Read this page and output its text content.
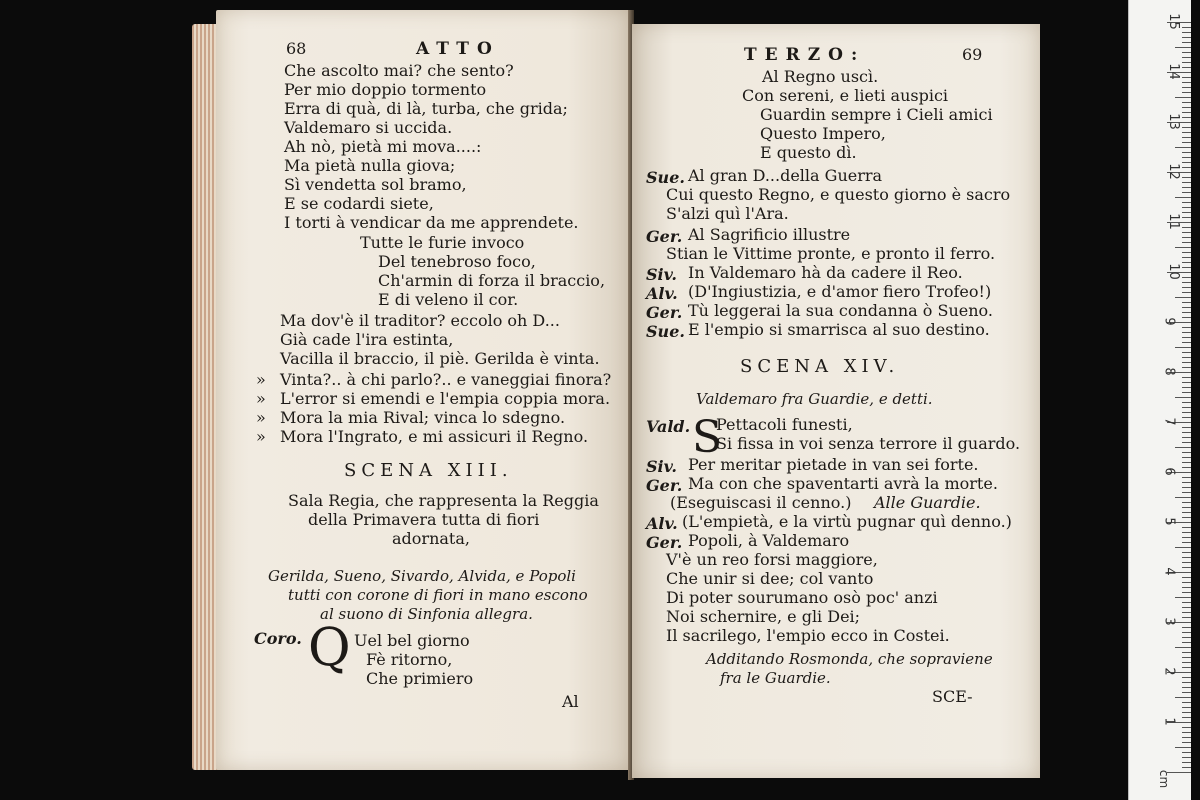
68	ATTO
Che ascolto mai? che sento?
Per mio doppio tormento
Erra di quà, di là, turba, che grida;
Valdemaro si uccida.
Ah nò, pietà mi mova....:
Ma pietà nulla giova;
Sì vendetta sol bramo,
E se codardi siete,
I torti à vendicar da me apprendete.
Tutte le furie invoco
Del tenebroso foco,
Ch'armin di forza il braccio,
E di veleno il cor.
Ma dov'è il traditor? eccolo oh D...
Già cade l'ira estinta,
Vacilla il braccio, il piè. Gerilda è vinta.
» Vinta?.. à chi parlo?.. e vaneggiai finora?
» L'error si emendi e l'empia coppia mora.
» Mora la mia Rival; vinca lo sdegno.
» Mora l'Ingrato, e mi assicuri il Regno.
SCENA XIII.
Sala Regia, che rappresenta la Reggia
della Primavera tutta di fiori
adornata,
Gerilda, Sueno, Sivardo, Alvida, e Popoli
tutti con corone di fiori in mano escono
al suono di Sinfonia allegra.
Coro. Q Uel bel giorno
Fè ritorno,
Che primiero
Al
TERZO:	69
Al Regno uscì.
Con sereni, e lieti auspici
Guardin sempre i Cieli amici
Questo Impero,
E questo dì.
Sue. Al gran D...della Guerra
Cui questo Regno, e questo giorno è sacro
S'alzi quì l'Ara.
Ger. Al Sagrificio illustre
Stian le Vittime pronte, e pronto il ferro.
Siv. In Valdemaro hà da cadere il Reo.
Alv. (D'Ingiustizia, e d'amor fiero Trofeo!)
Ger. Tù leggerai la sua condanna ò Sueno.
Sue. E l'empio si smarrisca al suo destino.
SCENA XIV.
Valdemaro fra Guardie, e detti.
Vald. S
Pettacoli funesti,
Si fissa in voi senza terrore il guardo.
Siv. Per meritar pietade in van sei forte.
Ger. Ma con che spaventarti avrà la morte.
(Eseguiscasi il cenno.) Alle Guardie.
Alv. (L'empietà, e la virtù pugnar quì denno.)
Ger. Popoli, à Valdemaro
V'è un reo forsi maggiore,
Che unir si dee; col vanto
Di poter sourumano osò poc' anzi
Noi schernire, e gli Dei;
Il sacrilego, l'empio ecco in Costei.
Additando Rosmonda, che sopraviene
fra le Guardie.
SCE-
1
2
3
4
5
6
7
8
9
10
11
12
13
14
15
cm
